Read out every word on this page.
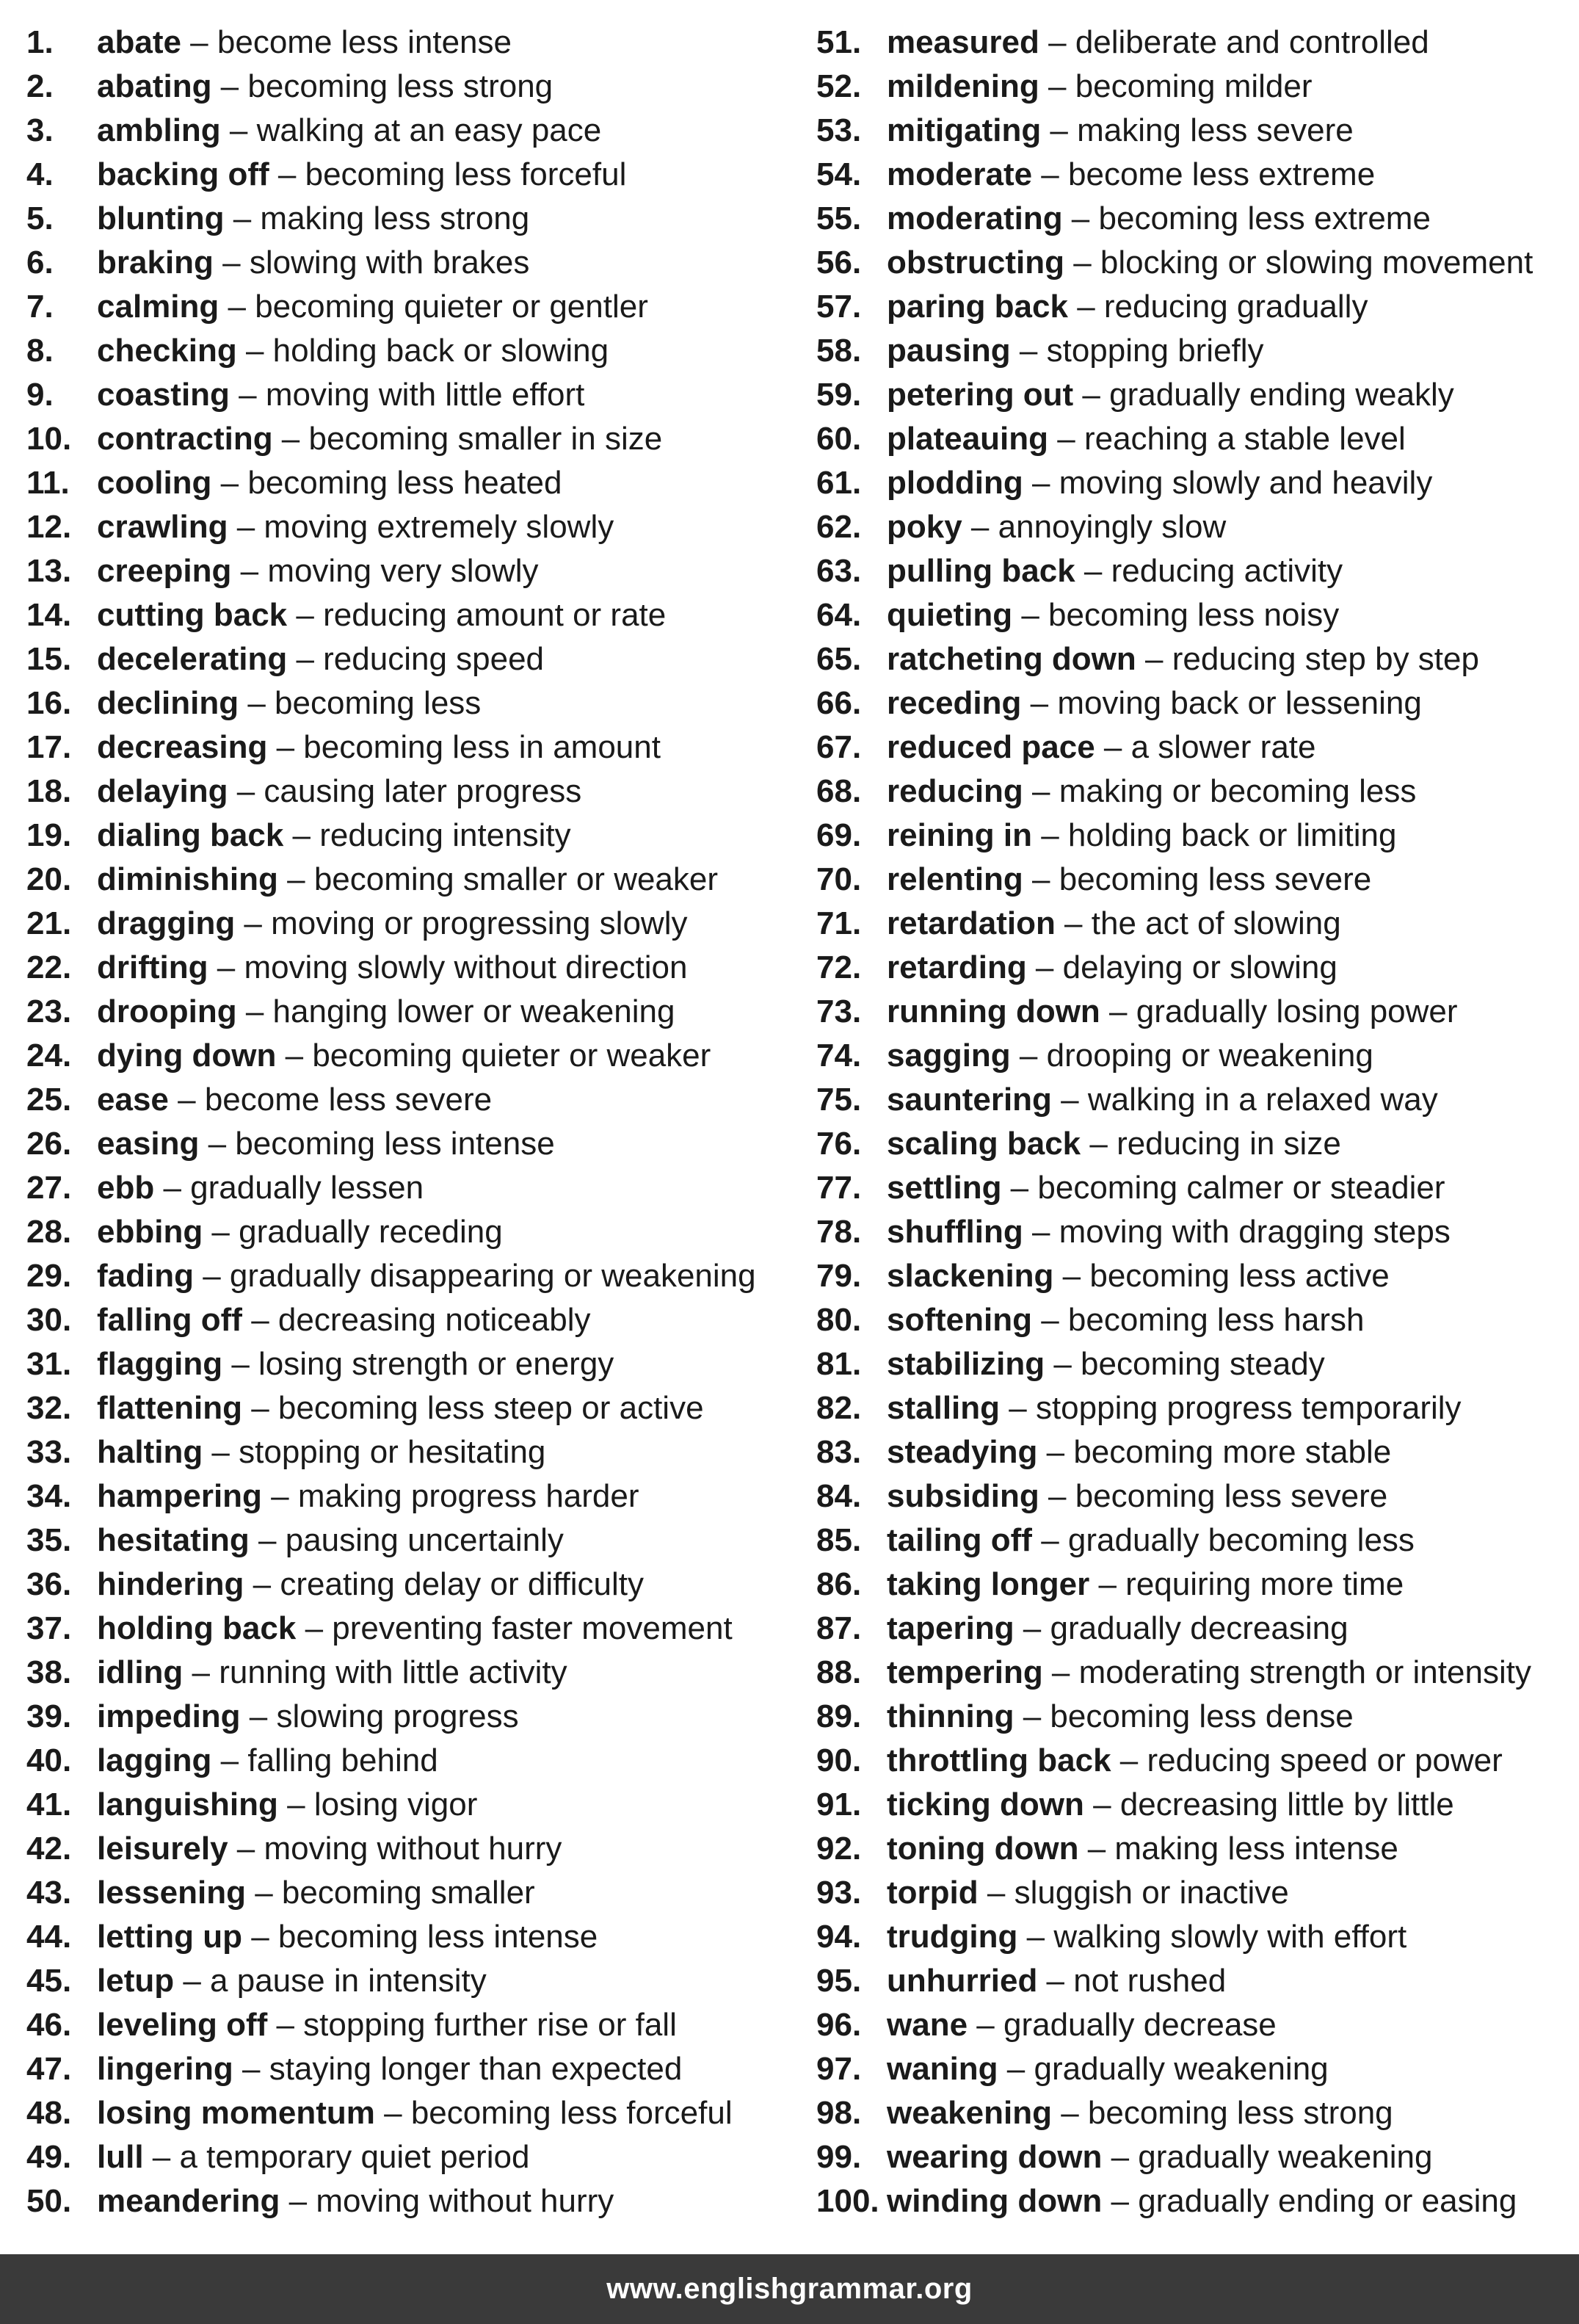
1.	abate – become less intense
2.	abating – becoming less strong
3.	ambling – walking at an easy pace
4.	backing off – becoming less forceful
5.	blunting – making less strong
6.	braking – slowing with brakes
7.	calming – becoming quieter or gentler
8.	checking – holding back or slowing
9.	coasting – moving with little effort
10. contracting – becoming smaller in size
11. cooling – becoming less heated
12. crawling – moving extremely slowly
13. creeping – moving very slowly
14. cutting back – reducing amount or rate
15. decelerating – reducing speed
16. declining – becoming less
17. decreasing – becoming less in amount
18. delaying – causing later progress
19. dialing back – reducing intensity
20. diminishing – becoming smaller or weaker
21. dragging – moving or progressing slowly
22. drifting – moving slowly without direction
23. drooping – hanging lower or weakening
24. dying down – becoming quieter or weaker
25. ease – become less severe
26. easing – becoming less intense
27. ebb – gradually lessen
28. ebbing – gradually receding
29. fading – gradually disappearing or weakening
30. falling off – decreasing noticeably
31. flagging – losing strength or energy
32. flattening – becoming less steep or active
33. halting – stopping or hesitating
34. hampering – making progress harder
35. hesitating – pausing uncertainly
36. hindering – creating delay or difficulty
37. holding back – preventing faster movement
38. idling – running with little activity
39. impeding – slowing progress
40. lagging – falling behind
41. languishing – losing vigor
42. leisurely – moving without hurry
43. lessening – becoming smaller
44. letting up – becoming less intense
45. letup – a pause in intensity
46. leveling off – stopping further rise or fall
47. lingering – staying longer than expected
48. losing momentum – becoming less forceful
49. lull – a temporary quiet period
50. meandering – moving without hurry
51. measured – deliberate and controlled
52. mildening – becoming milder
53. mitigating – making less severe
54. moderate – become less extreme
55. moderating – becoming less extreme
56. obstructing – blocking or slowing movement
57. paring back – reducing gradually
58. pausing – stopping briefly
59. petering out – gradually ending weakly
60. plateauing – reaching a stable level
61. plodding – moving slowly and heavily
62. poky – annoyingly slow
63. pulling back – reducing activity
64. quieting – becoming less noisy
65. ratcheting down – reducing step by step
66. receding – moving back or lessening
67. reduced pace – a slower rate
68. reducing – making or becoming less
69. reining in – holding back or limiting
70. relenting – becoming less severe
71. retardation – the act of slowing
72. retarding – delaying or slowing
73. running down – gradually losing power
74. sagging – drooping or weakening
75. sauntering – walking in a relaxed way
76. scaling back – reducing in size
77. settling – becoming calmer or steadier
78. shuffling – moving with dragging steps
79. slackening – becoming less active
80. softening – becoming less harsh
81. stabilizing – becoming steady
82. stalling – stopping progress temporarily
83. steadying – becoming more stable
84. subsiding – becoming less severe
85. tailing off – gradually becoming less
86. taking longer – requiring more time
87. tapering – gradually decreasing
88. tempering – moderating strength or intensity
89. thinning – becoming less dense
90. throttling back – reducing speed or power
91. ticking down – decreasing little by little
92. toning down – making less intense
93. torpid – sluggish or inactive
94. trudging – walking slowly with effort
95. unhurried – not rushed
96. wane – gradually decrease
97. waning – gradually weakening
98. weakening – becoming less strong
99. wearing down – gradually weakening
100. winding down – gradually ending or easing
www.englishgrammar.org
